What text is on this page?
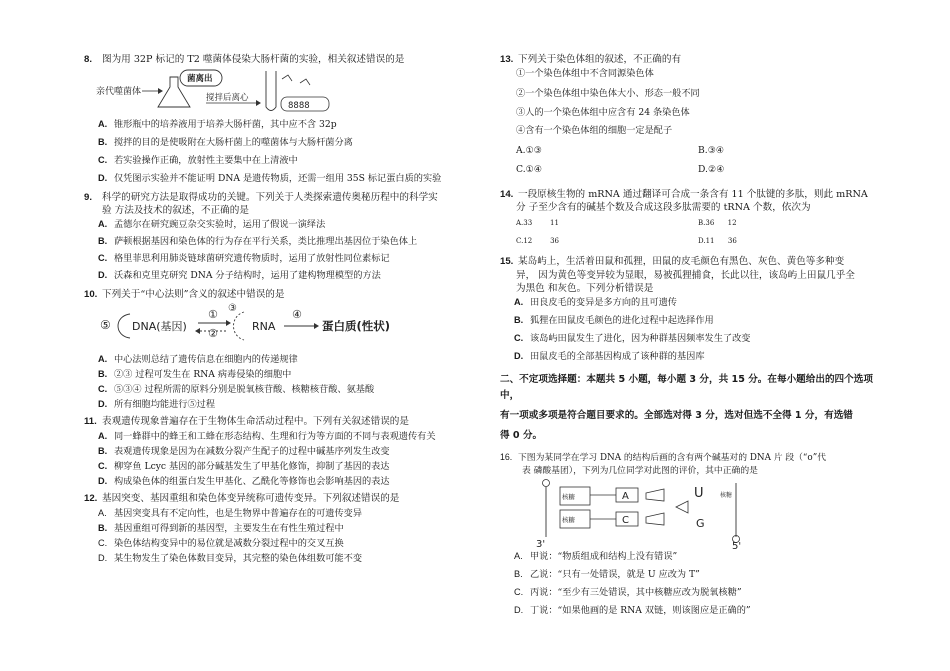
8. 图为用 32P 标记的 T2 噬菌体侵染大肠杆菌的实验，相关叙述错误的是
亲代噬菌体
菌离出
搅拌后离心
8888
A. 锥形瓶中的培养液用于培养大肠杆菌，其中应不含 32p
B. 搅拌的目的是使吸附在大肠杆菌上的噬菌体与大肠杆菌分离
C. 若实验操作正确，放射性主要集中在上清液中
D. 仅凭图示实验并不能证明 DNA 是遗传物质，还需一组用 35S 标记蛋白质的实验
9. 科学的研究方法是取得成功的关键。下列关于人类探索遗传奥秘历程中的科学实
验 方法及技术的叙述，不正确的是
A. 孟德尔在研究豌豆杂交实验时，运用了假说一演绎法
B. 萨顿根据基因和染色体的行为存在平行关系，类比推理出基因位于染色体上
C. 格里菲思利用肺炎链球菌研究遗传物质时，运用了放射性同位素标记
D. 沃森和克里克研究 DNA 分子结构时，运用了建构物理模型的方法
10. 下列关于“中心法则”含义的叙述中错误的是
⑤ DNA(基因)
①
②
③
RNA
④
蛋白质(性状)
A. 中心法则总结了遗传信息在细胞内的传递规律
B. ②③ 过程可发生在 RNA 病毒侵染的细胞中
C. ⑤③④ 过程所需的原料分别是脱氧核苷酸、核糖核苷酸、氨基酸
D. 所有细胞均能进行⑤过程
11. 表观遗传现象普遍存在于生物体生命活动过程中。下列有关叙述错误的是
A. 同一蜂群中的蜂王和工蜂在形态结构、生理和行为等方面的不同与表观遗传有关
B. 表观遗传现象是因为在减数分裂产生配子的过程中碱基序列发生改变
C. 柳穿鱼 Lcyc 基因的部分碱基发生了甲基化修饰，抑制了基因的表达
D. 构成染色体的组蛋白发生甲基化、乙酰化等修饰也会影响基因的表达
12. 基因突变、基因重组和染色体变异统称可遗传变异。下列叙述错误的是
A. 基因突变具有不定向性，也是生物界中普遍存在的可遗传变异
B. 基因重组可得到新的基因型，主要发生在有性生殖过程中
C. 染色体结构变异中的易位就是减数分裂过程中的交叉互换
D. 某生物发生了染色体数目变异，其完整的染色体组数可能不变
13. 下列关于染色体组的叙述，不正确的有
①一个染色体组中不含同源染色体
②一个染色体组中染色体大小、形态一般不同
③人的一个染色体组中应含有 24 条染色体
④含有一个染色体组的细胞一定是配子
A.①③	B.③④
C.①④	D.②④
14. 一段原核生物的 mRNA 通过翻译可合成一条含有 11 个肽键的多肽，则此 mRNA
分 子至少含有的碱基个数及合成这段多肽需要的 tRNA 个数，依次为
A.33	11	B.36 12
C.12	36	D.11 36
15. 某岛屿上，生活着田鼠和孤狸，田鼠的皮毛颜色有黑色、灰色、黄色等多种变
异， 因为黄色等变异较为显眼，易被孤狸捕食，长此以往，该岛屿上田鼠几乎全
为黑色 和灰色。下列分析错误是
A. 田良皮毛的变异是多方向的且可遗传
B. 狐狸在田鼠皮毛颜色的进化过程中起选择作用
C. 该岛屿田鼠发生了进化，因为种群基因频率发生了改变
D. 田鼠皮毛的全部基因构成了该种群的基因库
二、不定项选择题：本题共 5 小题，每小题 3 分，共 15 分。在每小题给出的四个选项
中，
有一项或多项是符合题目要求的。全部选对得 3 分，选对但选不全得 1 分，有选错
得 0 分。
16. 下图为某同学在学习 DNA 的结构后画的含有两个碱基对的 DNA 片 段（“o”代
表 磷酸基团），下列为几位同学对此图的评价，其中正确的是
核糖
核糖
A
C
U
G
核糖
3'	5'
A. 甲说：“物质组成和结构上没有错误”
B. 乙说：“只有一处错误，就是 U 应改为 T”
C. 丙说：“至少有三处错误，其中核糖应改为脱氧核糖”
D. 丁说：“如果他画的是 RNA 双链，则该图应是正确的”
